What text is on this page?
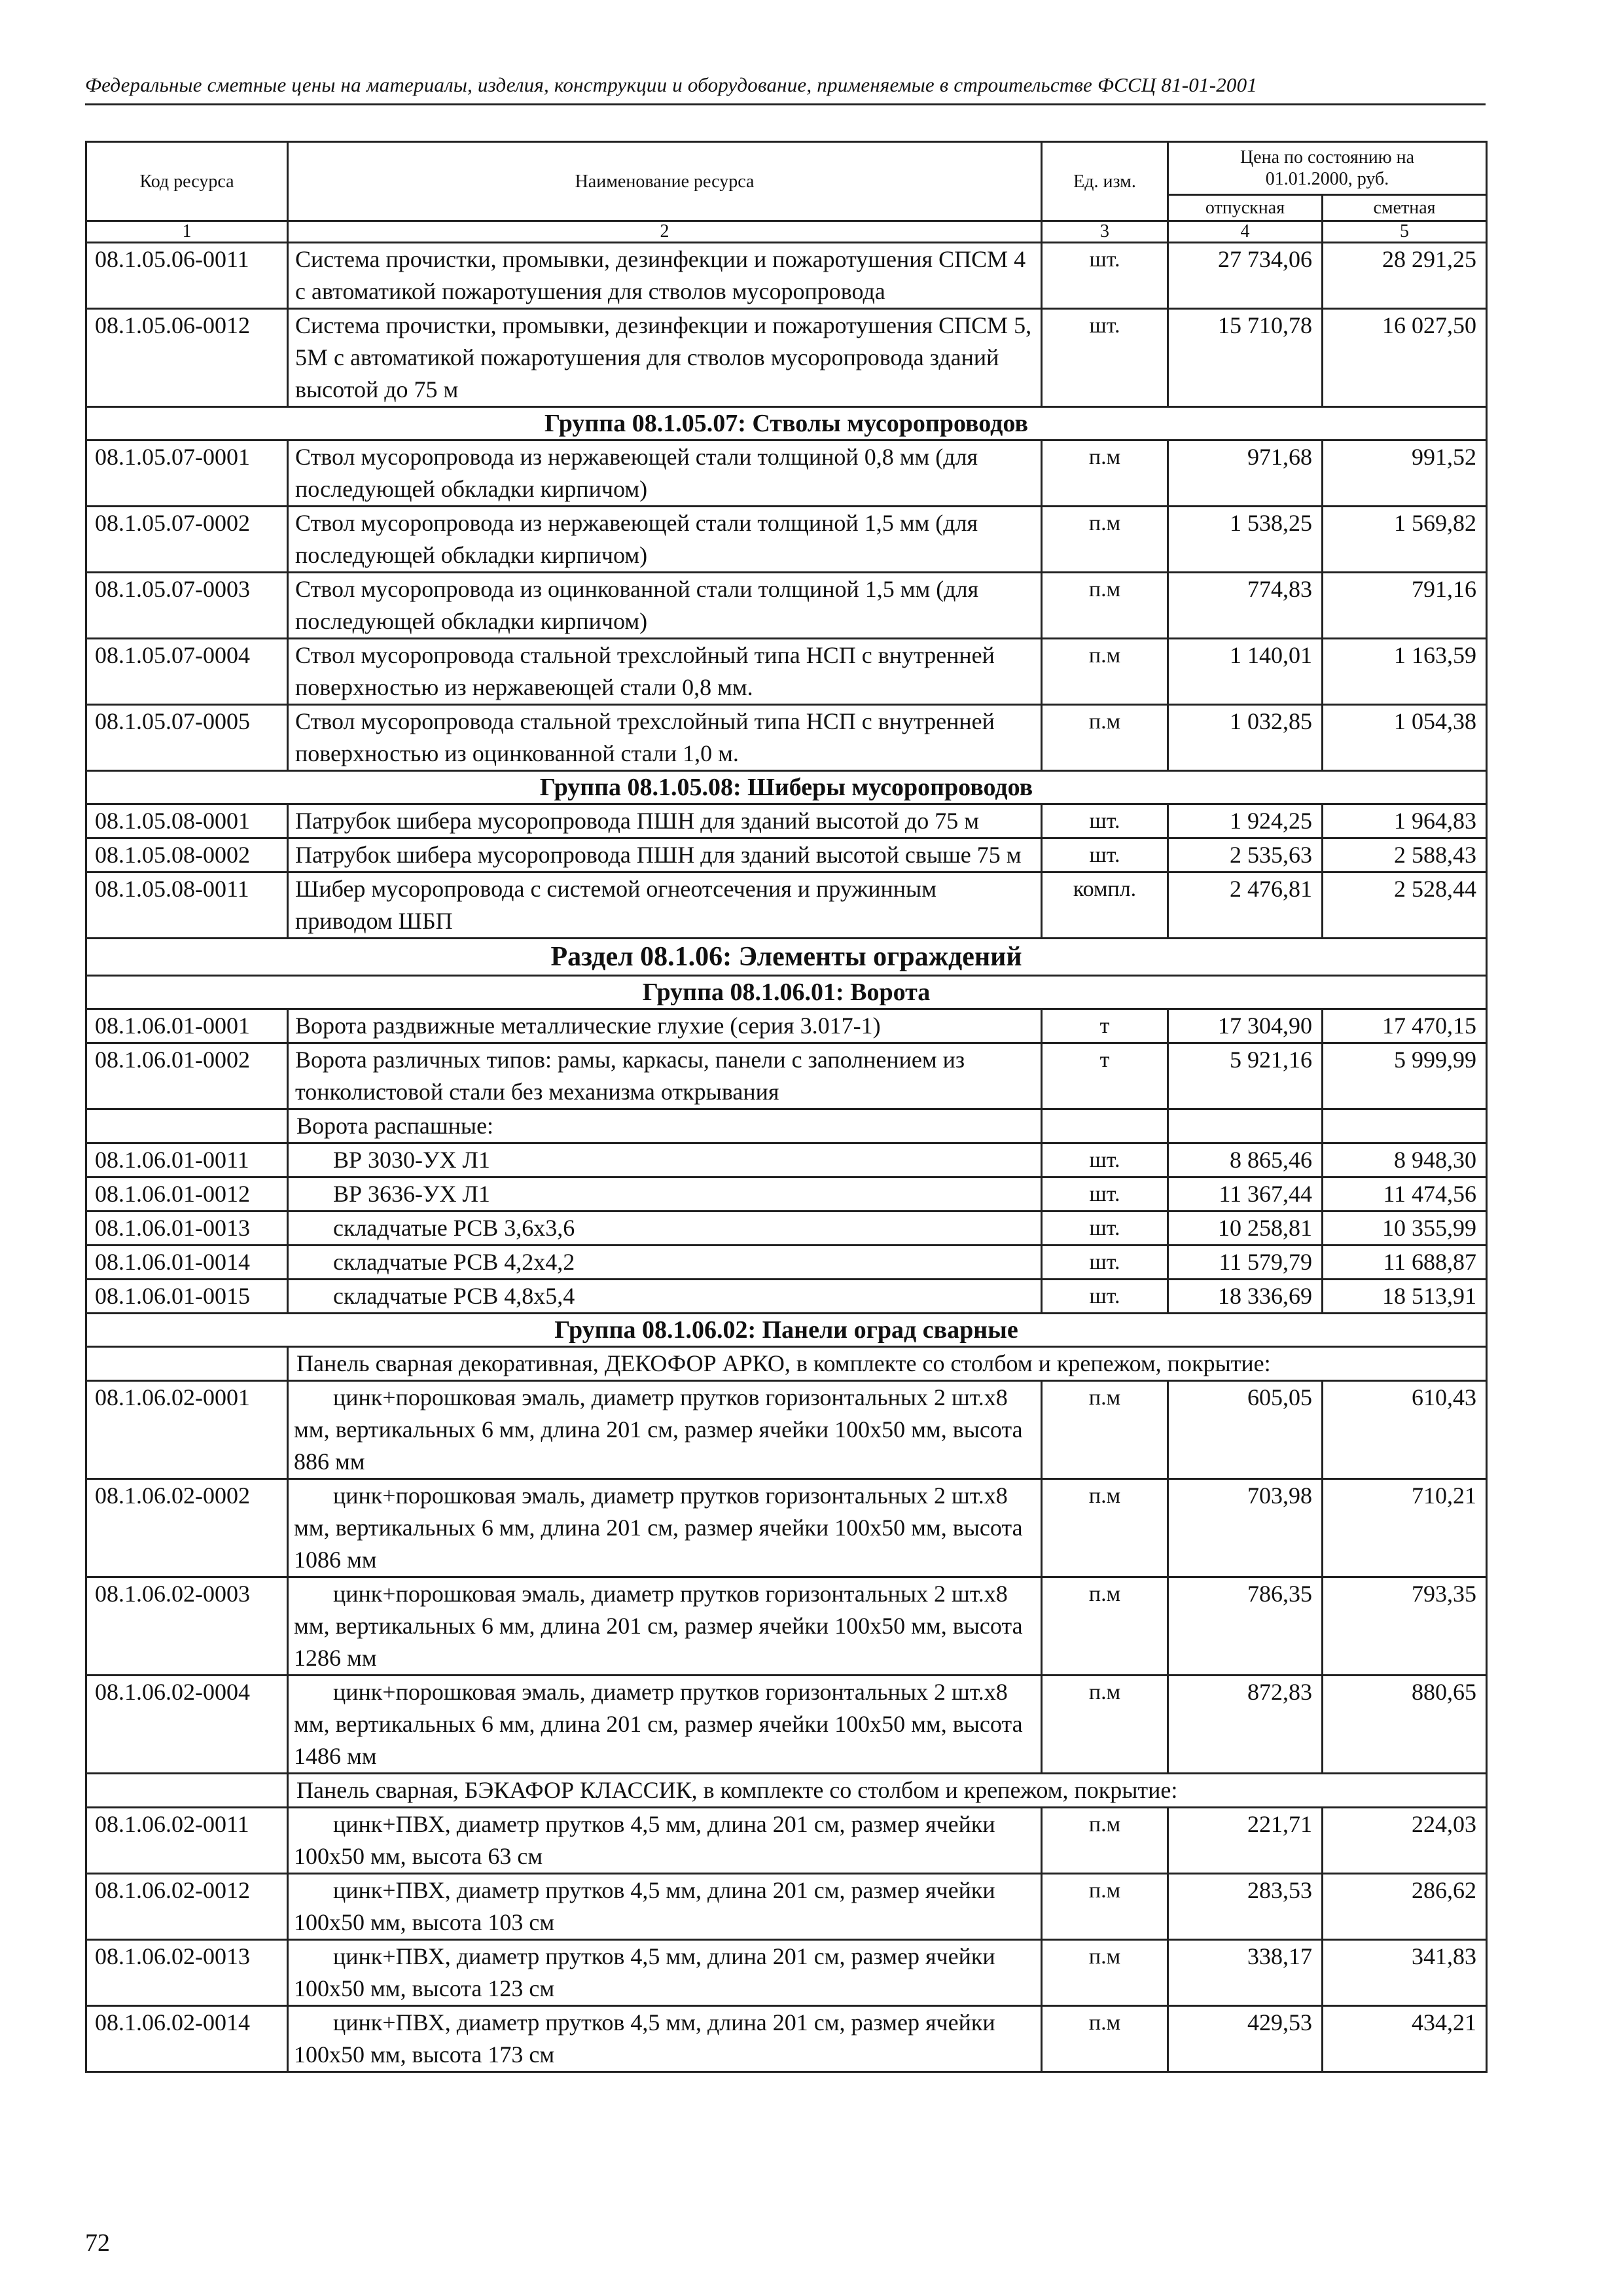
Федеральные сметные цены на материалы, изделия, конструкции и оборудование, применяемые в строительстве ФССЦ 81-01-2001
Код ресурса	Наименование ресурса	Ед. изм.	Цена по состоянию на 01.01.2000, руб.	
			отпускная	сметная
1	2	3	4	5
08.1.05.06-0011	Система прочистки, промывки, дезинфекции и пожаротушения СПСМ 4 с автоматикой пожаротушения для стволов мусоропровода	шт.	27 734,06	28 291,25
08.1.05.06-0012	Система прочистки, промывки, дезинфекции и пожаротушения СПСМ 5, 5М с автоматикой пожаротушения для стволов мусоропровода зданий высотой до 75 м	шт.	15 710,78	16 027,50
Группа 08.1.05.07: Стволы мусоропроводов				
08.1.05.07-0001	Ствол мусоропровода из нержавеющей стали толщиной 0,8 мм (для последующей обкладки кирпичом)	п.м	971,68	991,52
08.1.05.07-0002	Ствол мусоропровода из нержавеющей стали толщиной 1,5 мм (для последующей обкладки кирпичом)	п.м	1 538,25	1 569,82
08.1.05.07-0003	Ствол мусоропровода из оцинкованной стали толщиной 1,5 мм (для последующей обкладки кирпичом)	п.м	774,83	791,16
08.1.05.07-0004	Ствол мусоропровода стальной трехслойный типа НСП с внутренней поверхностью из нержавеющей стали 0,8 мм.	п.м	1 140,01	1 163,59
08.1.05.07-0005	Ствол мусоропровода стальной трехслойный типа НСП с внутренней поверхностью из оцинкованной стали 1,0 м.	п.м	1 032,85	1 054,38
Группа 08.1.05.08: Шиберы мусоропроводов				
08.1.05.08-0001	Патрубок шибера мусоропровода ПШН для зданий высотой до 75 м	шт.	1 924,25	1 964,83
08.1.05.08-0002	Патрубок шибера мусоропровода ПШН для зданий высотой свыше 75 м	шт.	2 535,63	2 588,43
08.1.05.08-0011	Шибер мусоропровода с системой огнеотсечения и пружинным приводом ШБП	компл.	2 476,81	2 528,44
Раздел 08.1.06: Элементы ограждений				
Группа 08.1.06.01: Ворота				
08.1.06.01-0001	Ворота раздвижные металлические глухие (серия 3.017-1)	т	17 304,90	17 470,15
08.1.06.01-0002	Ворота различных типов: рамы, каркасы, панели с заполнением из тонколистовой стали без механизма открывания	т	5 921,16	5 999,99
	Ворота распашные:			
08.1.06.01-0011	ВР 3030-УХ Л1	шт.	8 865,46	8 948,30
08.1.06.01-0012	ВР 3636-УХ Л1	шт.	11 367,44	11 474,56
08.1.06.01-0013	складчатые РСВ 3,6х3,6	шт.	10 258,81	10 355,99
08.1.06.01-0014	складчатые РСВ 4,2х4,2	шт.	11 579,79	11 688,87
08.1.06.01-0015	складчатые РСВ 4,8х5,4	шт.	18 336,69	18 513,91
Группа 08.1.06.02: Панели оград сварные				
	Панель сварная декоративная, ДЕКОФОР АРКО, в комплекте со столбом и крепежом, покрытие:			
08.1.06.02-0001	цинк+порошковая эмаль, диаметр прутков горизонтальных 2 шт.х8 мм, вертикальных 6 мм, длина 201 см, размер ячейки 100х50 мм, высота 886 мм	п.м	605,05	610,43
08.1.06.02-0002	цинк+порошковая эмаль, диаметр прутков горизонтальных 2 шт.х8 мм, вертикальных 6 мм, длина 201 см, размер ячейки 100х50 мм, высота 1086 мм	п.м	703,98	710,21
08.1.06.02-0003	цинк+порошковая эмаль, диаметр прутков горизонтальных 2 шт.х8 мм, вертикальных 6 мм, длина 201 см, размер ячейки 100х50 мм, высота 1286 мм	п.м	786,35	793,35
08.1.06.02-0004	цинк+порошковая эмаль, диаметр прутков горизонтальных 2 шт.х8 мм, вертикальных 6 мм, длина 201 см, размер ячейки 100х50 мм, высота 1486 мм	п.м	872,83	880,65
	Панель сварная, БЭКАФОР КЛАССИК, в комплекте со столбом и крепежом, покрытие:			
08.1.06.02-0011	цинк+ПВХ, диаметр прутков 4,5 мм, длина 201 см, размер ячейки 100х50 мм, высота 63 см	п.м	221,71	224,03
08.1.06.02-0012	цинк+ПВХ, диаметр прутков 4,5 мм, длина 201 см, размер ячейки 100х50 мм, высота 103 см	п.м	283,53	286,62
08.1.06.02-0013	цинк+ПВХ, диаметр прутков 4,5 мм, длина 201 см, размер ячейки 100х50 мм, высота 123 см	п.м	338,17	341,83
08.1.06.02-0014	цинк+ПВХ, диаметр прутков 4,5 мм, длина 201 см, размер ячейки 100х50 мм, высота 173 см	п.м	429,53	434,21
72
